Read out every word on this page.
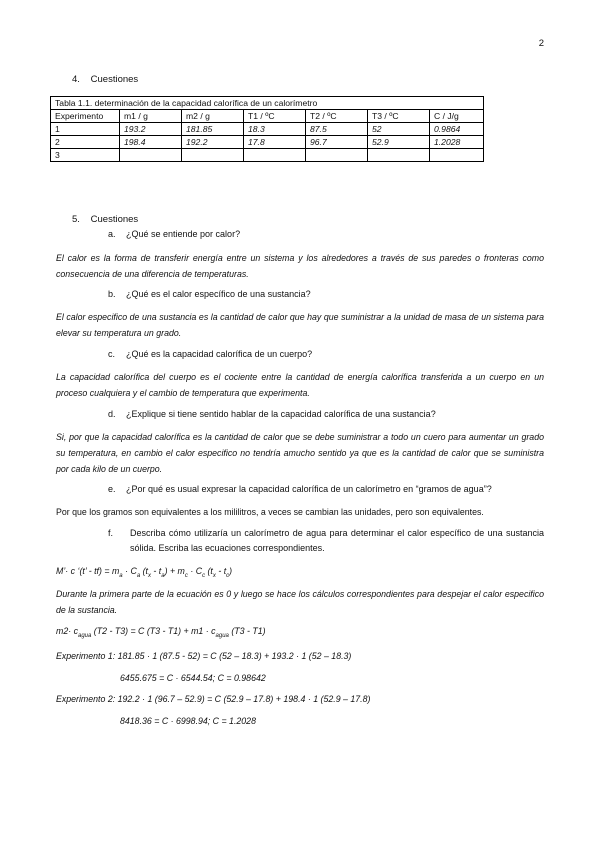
2
4. Cuestiones
Tabla 1.1. determinación de la capacidad calorífica de un calorímetro						
Experimento	m1 / g	m2 / g	T1 / ºC	T2 / ºC	T3 / ºC	C / J/g
1	193.2	181.85	18.3	87.5	52	0.9864
2	198.4	192.2	17.8	96.7	52.9	1.2028
3						
5. Cuestiones
a. ¿Qué se entiende por calor?
El calor es la forma de transferir energía entre un sistema y los alrededores a través de sus paredes o fronteras como consecuencia de una diferencia de temperaturas.
b. ¿Qué es el calor específico de una sustancia?
El calor especifico de una sustancia es la cantidad de calor que hay que suministrar a la unidad de masa de un sistema para elevar su temperatura un grado.
c. ¿Qué es la capacidad calorífica de un cuerpo?
La capacidad calorífica del cuerpo es el cociente entre la cantidad de energía calorífica transferida a un cuerpo en un proceso cualquiera y el cambio de temperatura que experimenta.
d. ¿Explique si tiene sentido hablar de la capacidad calorífica de una sustancia?
Si, por que la capacidad calorífica es la cantidad de calor que se debe suministrar a todo un cuero para aumentar un grado su temperatura, en cambio el calor especifico no tendría amucho sentido ya que es la cantidad de calor que se suministra por cada kilo de un cuerpo.
e. ¿Por qué es usual expresar la capacidad calorífica de un calorímetro en “gramos de agua”?
Por que los gramos son equivalentes a los mililitros, a veces se cambian las unidades, pero son equivalentes.
f.	Describa cómo utilizaría un calorímetro de agua para determinar el calor específico de una sustancia sólida. Escriba las ecuaciones correspondientes.
M’· c ‘(t’ - $tf) = m_a \cdot C_a$ $(t_x - t_a) + m_c \cdot C_c$ $(t_x - t_c)$
Durante la primera parte de la ecuación es 0 y luego se hace los cálculos correspondientes para despejar el calor especifico de la sustancia.
$m2\cdot c_{agua}$ (T2 - T3) = C $(T3 - T1) + m1 \cdot c_{agua}$ (T3 - T1)
Experimento 1: 181.85 · 1 (87.5 - 52) = C (52 – 18.3) + 193.2 · 1 (52 – 18.3)
6455.675 = C · 6544.54; C = 0.98642
Experimento 2: 192.2 · 1 (96.7 – 52.9) = C (52.9 – 17.8) + 198.4 · 1 (52.9 – 17.8)
8418.36 = C · 6998.94; C = 1.2028
